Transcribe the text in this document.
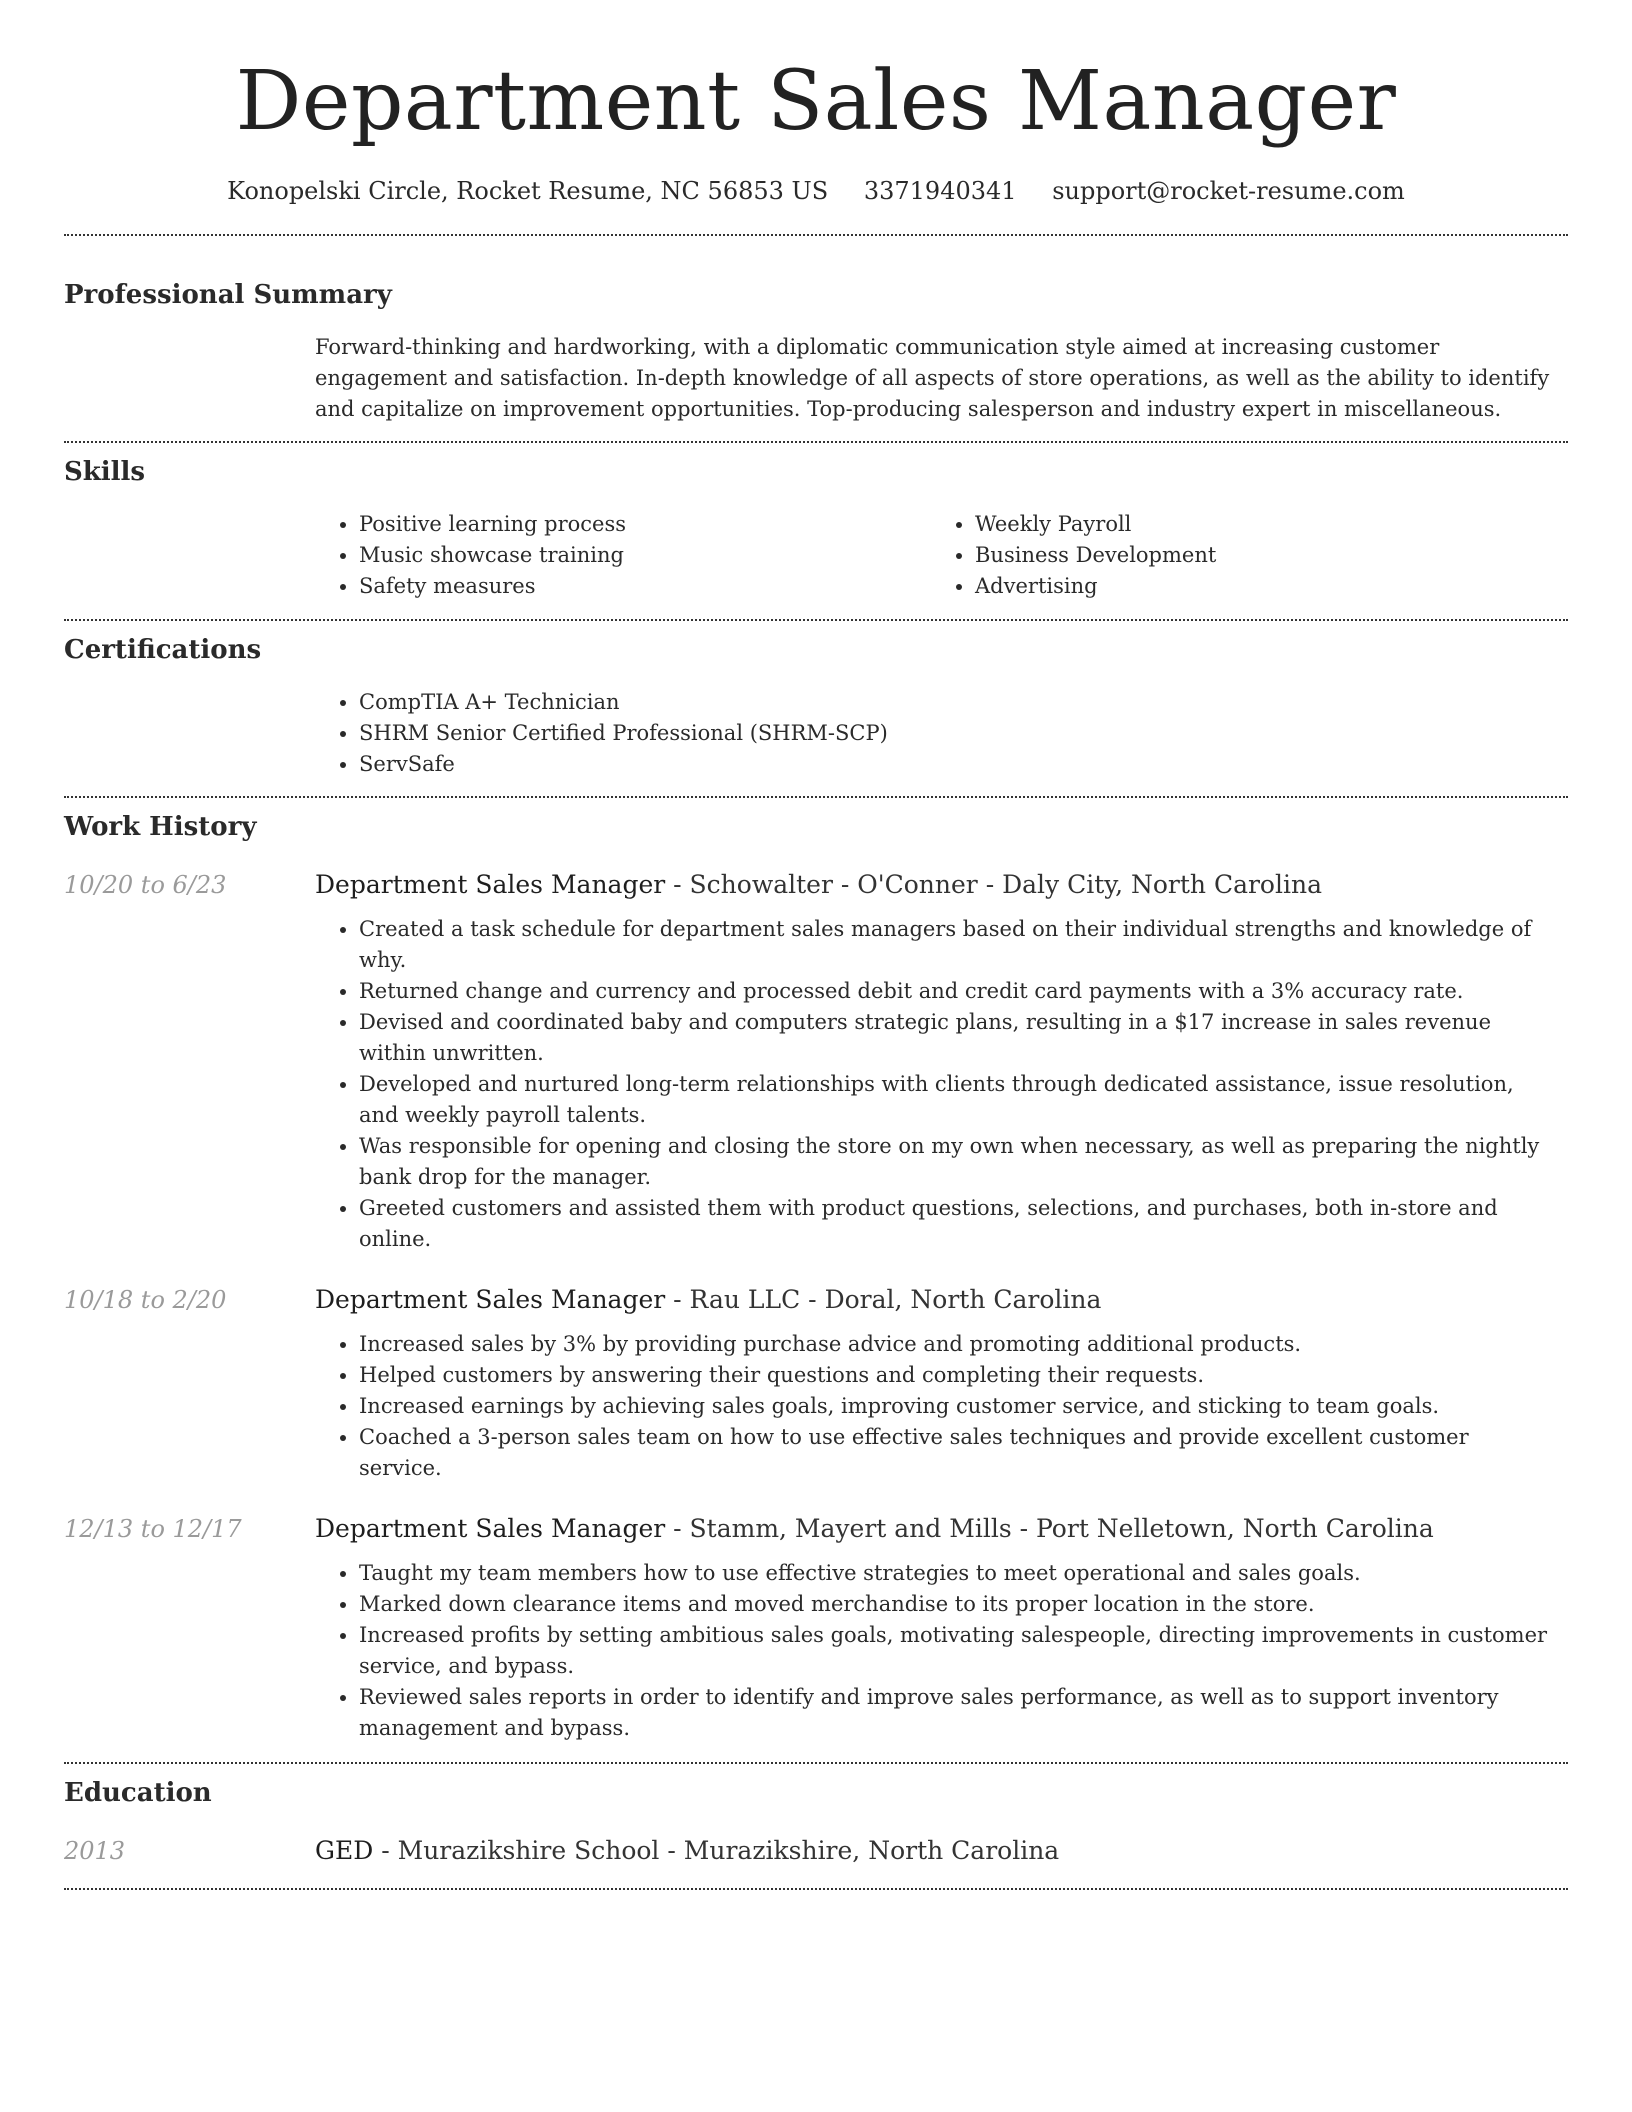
Department Sales Manager
Konopelski Circle, Rocket Resume, NC 56853 US 3371940341 support@rocket-resume.com
Professional Summary

Forward-thinking and hardworking, with a diplomatic communication style aimed at increasing customer engagement and satisfaction. In-depth knowledge of all aspects of store operations, as well as the ability to identify and capitalize on improvement opportunities. Top-producing salesperson and industry expert in miscellaneous.

Skills
• Positive learning process
• Music showcase training
• Safety measures
• Weekly Payroll
• Business Development
• Advertising
Certifications
• CompTIA A+ Technician
• SHRM Senior Certified Professional (SHRM-SCP)
• ServSafe
Work History
10/20 to 6/23	Department Sales Manager - Schowalter - O'Conner - Daly City, North Carolina
• Created a task schedule for department sales managers based on their individual strengths and knowledge of why.
• Returned change and currency and processed debit and credit card payments with a 3% accuracy rate.
• Devised and coordinated baby and computers strategic plans, resulting in a $17 increase in sales revenue within unwritten.
• Developed and nurtured long-term relationships with clients through dedicated assistance, issue resolution, and weekly payroll talents.
• Was responsible for opening and closing the store on my own when necessary, as well as preparing the nightly bank drop for the manager.
• Greeted customers and assisted them with product questions, selections, and purchases, both in-store and online.
10/18 to 2/20	Department Sales Manager - Rau LLC - Doral, North Carolina
• Increased sales by 3% by providing purchase advice and promoting additional products.
• Helped customers by answering their questions and completing their requests.
• Increased earnings by achieving sales goals, improving customer service, and sticking to team goals.
• Coached a 3-person sales team on how to use effective sales techniques and provide excellent customer service.
12/13 to 12/17	Department Sales Manager - Stamm, Mayert and Mills - Port Nelletown, North Carolina
• Taught my team members how to use effective strategies to meet operational and sales goals.
• Marked down clearance items and moved merchandise to its proper location in the store.
• Increased profits by setting ambitious sales goals, motivating salespeople, directing improvements in customer service, and bypass.
• Reviewed sales reports in order to identify and improve sales performance, as well as to support inventory management and bypass.
Education
2013	GED - Murazikshire School - Murazikshire, North Carolina
